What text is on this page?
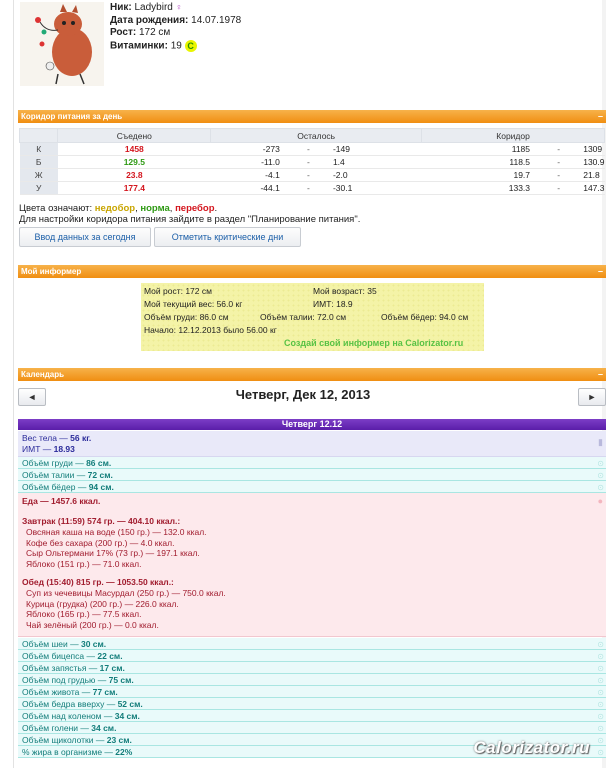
Ник: Ladybird ♀
Дата рождения: 14.07.1978
Рост: 172 см
Витаминки: 19 C
Коридор питания за день	–
	Съедено	Осталось			Коридор		
К	1458	-273	-	-149	1185	-	1309
Б	129.5	-11.0	-	1.4	118.5	-	130.9
Ж	23.8	-4.1	-	-2.0	19.7	-	21.8
У	177.4	-44.1	-	-30.1	133.3	-	147.3
Цвета означают: недобор, норма, перебор.
Для настройки коридора питания зайдите в раздел "Планирование питания".
Ввод данных за сегодня	Отметить критические дни
Мой информер	–
Мой рост: 172 см	Мой возраст: 35
Мой текущий вес: 56.0 кг	ИМТ: 18.9
Объём груди: 86.0 см	Объём талии: 72.0 см	Объём бёдер: 94.0 см
Начало: 12.12.2013 было 56.00 кг
Создай свой информер на Calorizator.ru
Календарь	–
Четверг, Дек 12, 2013
◄	►
Четверг 12.12
Вес тела — 56 кг.
ИМТ — 18.93
▮
Объём груди — 86 см.	⊙
Объём талии — 72 см.	⊙
Объём бёдер — 94 см.	⊙
Еда — 1457.6 ккал.
Завтрак (11:59) 574 гр. — 404.10 ккал.:
Овсяная каша на воде (150 гр.) — 132.0 ккал.
Кофе без сахара (200 гр.) — 4.0 ккал.
Сыр Ольтермани 17% (73 гр.) — 197.1 ккал.
Яблоко (151 гр.) — 71.0 ккал.
Обед (15:40) 815 гр. — 1053.50 ккал.:
Суп из чечевицы Масурдал (250 гр.) — 750.0 ккал.
Курица (грудка) (200 гр.) — 226.0 ккал.
Яблоко (165 гр.) — 77.5 ккал.
Чай зелёный (200 гр.) — 0.0 ккал.
●
Объём шеи — 30 см.	⊙
Объём бицепса — 22 см.	⊙
Объём запястья — 17 см.	⊙
Объём под грудью — 75 см.	⊙
Объём живота — 77 см.	⊙
Объём бедра вверху — 52 см.	⊙
Объём над коленом — 34 см.	⊙
Объём голени — 34 см.	⊙
Объём щиколотки — 23 см.	⊙
% жира в организме — 22%	⊙
Calorizator.ru
